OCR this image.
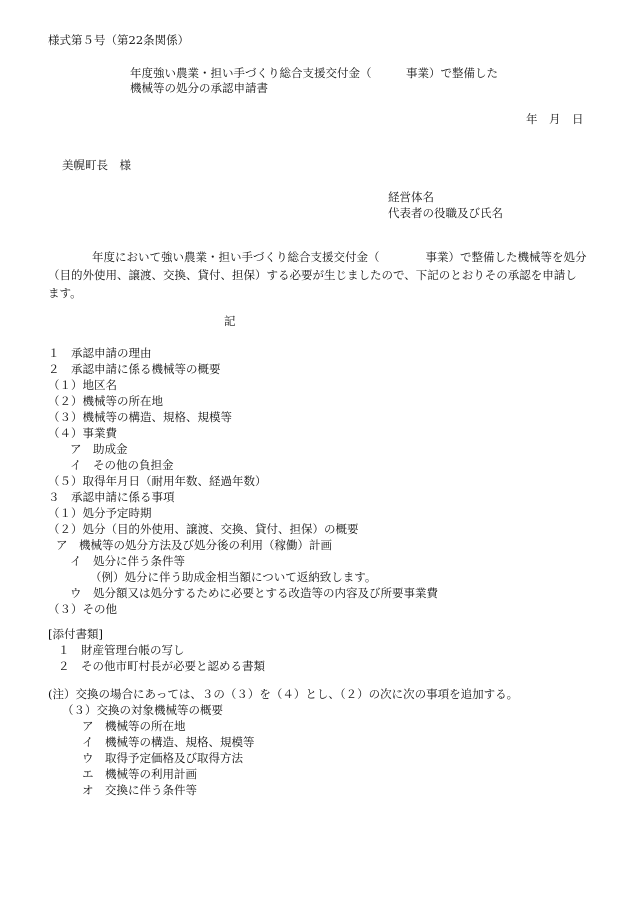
様式第５号（第22条関係）
年度強い農業・担い手づくり総合支援交付金（　　　事業）で整備した
機械等の処分の承認申請書
年　月　日
美幌町長　様
経営体名
代表者の役職及び氏名
年度において強い農業・担い手づくり総合支援交付金（　　　　事業）で整備した機械等を処分（目的外使用、譲渡、交換、貸付、担保）する必要が生じましたので、下記のとおりその承認を申請します。
記
１　承認申請の理由
２　承認申請に係る機械等の概要
（１）地区名
（２）機械等の所在地
（３）機械等の構造、規格、規模等
（４）事業費
ア　助成金
イ　その他の負担金
（５）取得年月日（耐用年数、経過年数）
３　承認申請に係る事項
（１）処分予定時期
（２）処分（目的外使用、譲渡、交換、貸付、担保）の概要
ア　機械等の処分方法及び処分後の利用（稼働）計画
イ　処分に伴う条件等
（例）処分に伴う助成金相当額について返納致します。
ウ　処分額又は処分するために必要とする改造等の内容及び所要事業費
（３）その他
[添付書類]
１　財産管理台帳の写し
２　その他市町村長が必要と認める書類
(注）交換の場合にあっては、３の（３）を（４）とし、（２）の次に次の事項を追加する。
（３）交換の対象機械等の概要
ア　機械等の所在地
イ　機械等の構造、規格、規模等
ウ　取得予定価格及び取得方法
エ　機械等の利用計画
オ　交換に伴う条件等
